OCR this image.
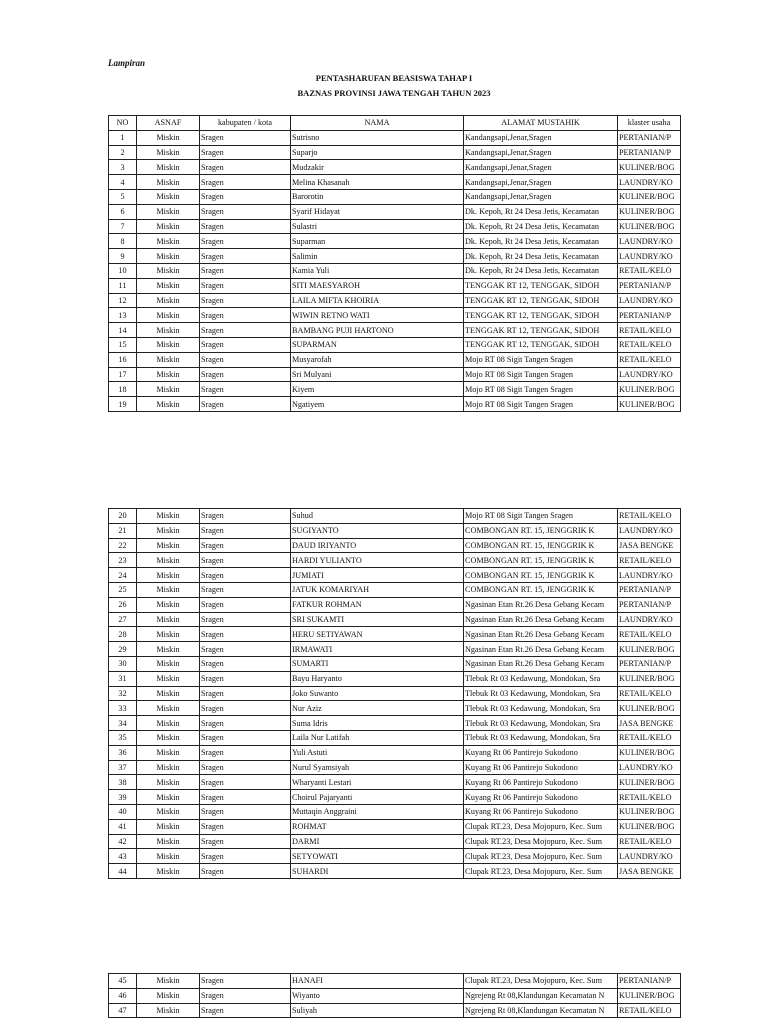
Lampiran
PENTASHARUFAN BEASISWA TAHAP I
BAZNAS PROVINSI JAWA TENGAH TAHUN 2023
NO	ASNAF	kabupaten / kota	NAMA	ALAMAT MUSTAHIK	klaster usaha
1	Miskin	Sragen	Sutrisno	Kandangsapi,Jenar,Sragen	PERTANIAN/P
2	Miskin	Sragen	Suparjo	Kandangsapi,Jenar,Sragen	PERTANIAN/P
3	Miskin	Sragen	Mudzakir	Kandangsapi,Jenar,Sragen	KULINER/BOG
4	Miskin	Sragen	Melina Khasanah	Kandangsapi,Jenar,Sragen	LAUNDRY/KO
5	Miskin	Sragen	Barorotin	Kandangsapi,Jenar,Sragen	KULINER/BOG
6	Miskin	Sragen	Syarif Hidayat	Dk. Kepoh, Rt 24 Desa Jetis, Kecamatan	KULINER/BOG
7	Miskin	Sragen	Sulastri	Dk. Kepoh, Rt 24 Desa Jetis, Kecamatan	KULINER/BOG
8	Miskin	Sragen	Suparman	Dk. Kepoh, Rt 24 Desa Jetis, Kecamatan	LAUNDRY/KO
9	Miskin	Sragen	Salimin	Dk. Kepoh, Rt 24 Desa Jetis, Kecamatan	LAUNDRY/KO
10	Miskin	Sragen	Kamia Yuli	Dk. Kepoh, Rt 24 Desa Jetis, Kecamatan	RETAIL/KELO
11	Miskin	Sragen	SITI MAESYAROH	TENGGAK RT 12, TENGGAK, SIDOH	PERTANIAN/P
12	Miskin	Sragen	LAILA MIFTA KHOIRIA	TENGGAK RT 12, TENGGAK, SIDOH	LAUNDRY/KO
13	Miskin	Sragen	WIWIN RETNO WATI	TENGGAK RT 12, TENGGAK, SIDOH	PERTANIAN/P
14	Miskin	Sragen	BAMBANG PUJI HARTONO	TENGGAK RT 12, TENGGAK, SIDOH	RETAIL/KELO
15	Miskin	Sragen	SUPARMAN	TENGGAK RT 12, TENGGAK, SIDOH	RETAIL/KELO
16	Miskin	Sragen	Musyarofah	Mojo RT 08 Sigit Tangen Sragen	RETAIL/KELO
17	Miskin	Sragen	Sri Mulyani	Mojo RT 08 Sigit Tangen Sragen	LAUNDRY/KO
18	Miskin	Sragen	Kiyem	Mojo RT 08 Sigit Tangen Sragen	KULINER/BOG
19	Miskin	Sragen	Ngatiyem	Mojo RT 08 Sigit Tangen Sragen	KULINER/BOG
20	Miskin	Sragen	Suhud	Mojo RT 08 Sigit Tangen Sragen	RETAIL/KELO
21	Miskin	Sragen	SUGIYANTO	COMBONGAN RT. 15, JENGGRIK K	LAUNDRY/KO
22	Miskin	Sragen	DAUD IRIYANTO	COMBONGAN RT. 15, JENGGRIK K	JASA BENGKE
23	Miskin	Sragen	HARDI YULIANTO	COMBONGAN RT. 15, JENGGRIK K	RETAIL/KELO
24	Miskin	Sragen	JUMIATI	COMBONGAN RT. 15, JENGGRIK K	LAUNDRY/KO
25	Miskin	Sragen	JATUK KOMARIYAH	COMBONGAN RT. 15, JENGGRIK K	PERTANIAN/P
26	Miskin	Sragen	FATKUR ROHMAN	Ngasinan Etan Rt.26 Desa Gebang Kecam	PERTANIAN/P
27	Miskin	Sragen	SRI SUKAMTI	Ngasinan Etan Rt.26 Desa Gebang Kecam	LAUNDRY/KO
28	Miskin	Sragen	HERU SETIYAWAN	Ngasinan Etan Rt.26 Desa Gebang Kecam	RETAIL/KELO
29	Miskin	Sragen	IRMAWATI	Ngasinan Etan Rt.26 Desa Gebang Kecam	KULINER/BOG
30	Miskin	Sragen	SUMARTI	Ngasinan Etan Rt.26 Desa Gebang Kecam	PERTANIAN/P
31	Miskin	Sragen	Bayu Haryanto	Tlebuk Rt 03 Kedawung, Mondokan, Sra	KULINER/BOG
32	Miskin	Sragen	Joko Suwanto	Tlebuk Rt 03 Kedawung, Mondokan, Sra	RETAIL/KELO
33	Miskin	Sragen	Nur Aziz	Tlebuk Rt 03 Kedawung, Mondokan, Sra	KULINER/BOG
34	Miskin	Sragen	Suma Idris	Tlebuk Rt 03 Kedawung, Mondokan, Sra	JASA BENGKE
35	Miskin	Sragen	Laila Nur Latifah	Tlebuk Rt 03 Kedawung, Mondokan, Sra	RETAIL/KELO
36	Miskin	Sragen	Yuli Astuti	Kuyang Rt 06 Pantirejo Sukodono	KULINER/BOG
37	Miskin	Sragen	Nurul Syamsiyah	Kuyang Rt 06 Pantirejo Sukodono	LAUNDRY/KO
38	Miskin	Sragen	Wharyanti Lestari	Kuyang Rt 06 Pantirejo Sukodono	KULINER/BOG
39	Miskin	Sragen	Choirul Pajaryanti	Kuyang Rt 06 Pantirejo Sukodono	RETAIL/KELO
40	Miskin	Sragen	Muttaqin Anggraini	Kuyang Rt 06 Pantirejo Sukodono	KULINER/BOG
41	Miskin	Sragen	ROHMAT	Clupak RT.23, Desa Mojopuro, Kec. Sum	KULINER/BOG
42	Miskin	Sragen	DARMI	Clupak RT.23, Desa Mojopuro, Kec. Sum	RETAIL/KELO
43	Miskin	Sragen	SETYOWATI	Clupak RT.23, Desa Mojopuro, Kec. Sum	LAUNDRY/KO
44	Miskin	Sragen	SUHARDI	Clupak RT.23, Desa Mojopuro, Kec. Sum	JASA BENGKE
45	Miskin	Sragen	HANAFI	Clupak RT.23, Desa Mojopuro, Kec. Sum	PERTANIAN/P
46	Miskin	Sragen	Wiyanto	Ngrejeng Rt 08,Klandungan Kecamatan N	KULINER/BOG
47	Miskin	Sragen	Suliyah	Ngrejeng Rt 08,Klandungan Kecamatan N	RETAIL/KELO
